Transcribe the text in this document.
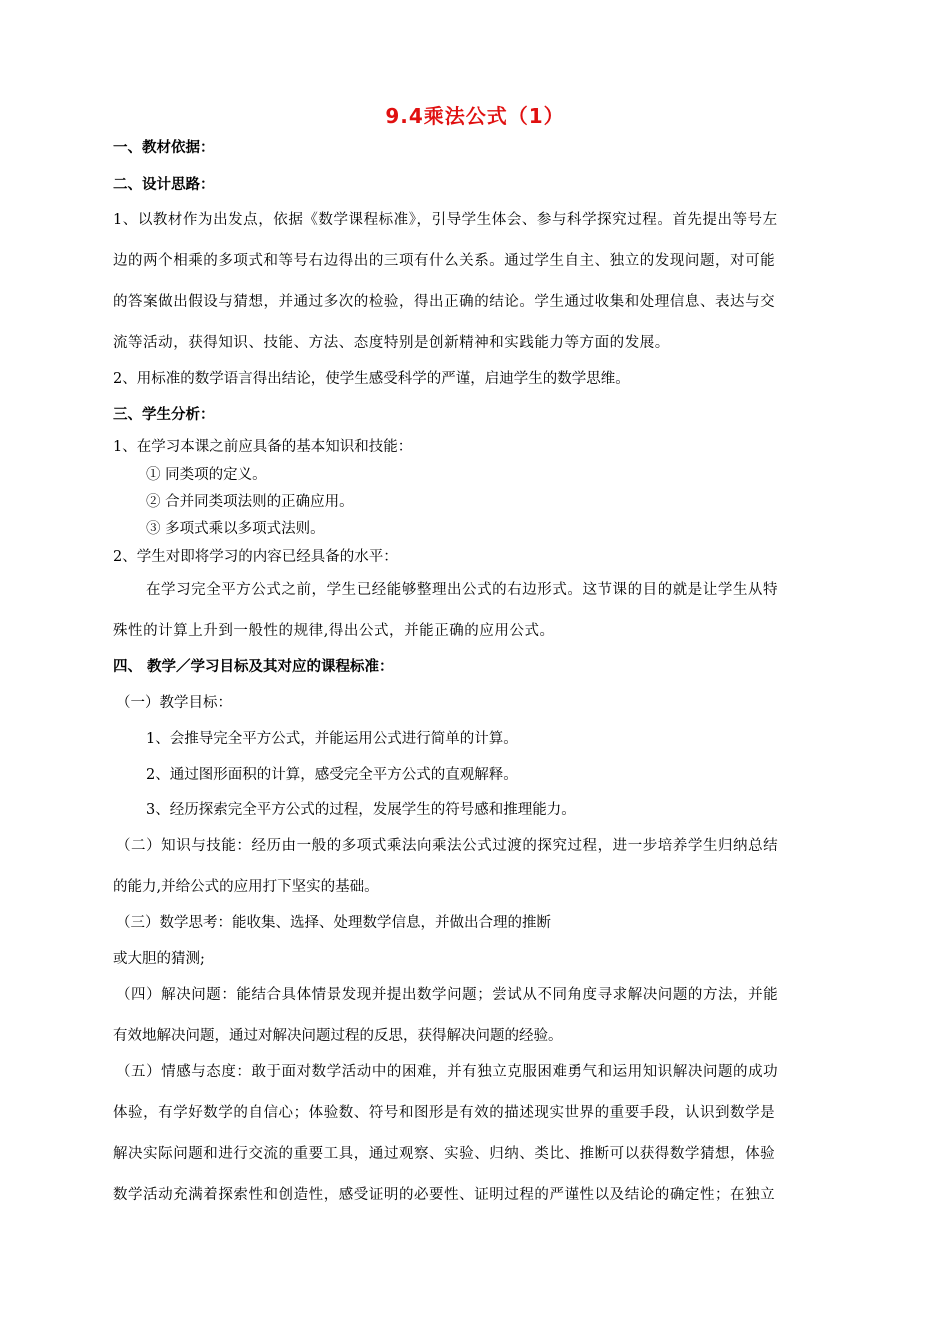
9.4乘法公式（1）
一、教材依据：
二、设计思路：
1、以教材作为出发点，依据《数学课程标准》，引导学生体会、参与科学探究过程。首先提出等号左
边的两个相乘的多项式和等号右边得出的三项有什么关系。通过学生自主、独立的发现问题，对可能
的答案做出假设与猜想，并通过多次的检验，得出正确的结论。学生通过收集和处理信息、表达与交
流等活动，获得知识、技能、方法、态度特别是创新精神和实践能力等方面的发展。
2、用标准的数学语言得出结论，使学生感受科学的严谨，启迪学生的数学思维。
三、学生分析：
1、在学习本课之前应具备的基本知识和技能：
① 同类项的定义。
② 合并同类项法则的正确应用。
③ 多项式乘以多项式法则。
2、学生对即将学习的内容已经具备的水平：
在学习完全平方公式之前，学生已经能够整理出公式的右边形式。这节课的目的就是让学生从特
殊性的计算上升到一般性的规律,得出公式，并能正确的应用公式。
四、 教学／学习目标及其对应的课程标准：
（一）教学目标：
1、会推导完全平方公式，并能运用公式进行简单的计算。
2、通过图形面积的计算，感受完全平方公式的直观解释。
3、经历探索完全平方公式的过程，发展学生的符号感和推理能力。
（二）知识与技能：经历由一般的多项式乘法向乘法公式过渡的探究过程，进一步培养学生归纳总结
的能力,并给公式的应用打下坚实的基础。
（三）数学思考：能收集、选择、处理数学信息，并做出合理的推断
或大胆的猜测;
（四）解决问题：能结合具体情景发现并提出数学问题；尝试从不同角度寻求解决问题的方法，并能
有效地解决问题，通过对解决问题过程的反思，获得解决问题的经验。
（五）情感与态度：敢于面对数学活动中的困难，并有独立克服困难勇气和运用知识解决问题的成功
体验，有学好数学的自信心；体验数、符号和图形是有效的描述现实世界的重要手段，认识到数学是
解决实际问题和进行交流的重要工具，通过观察、实验、归纳、类比、推断可以获得数学猜想，体验
数学活动充满着探索性和创造性，感受证明的必要性、证明过程的严谨性以及结论的确定性；在独立
